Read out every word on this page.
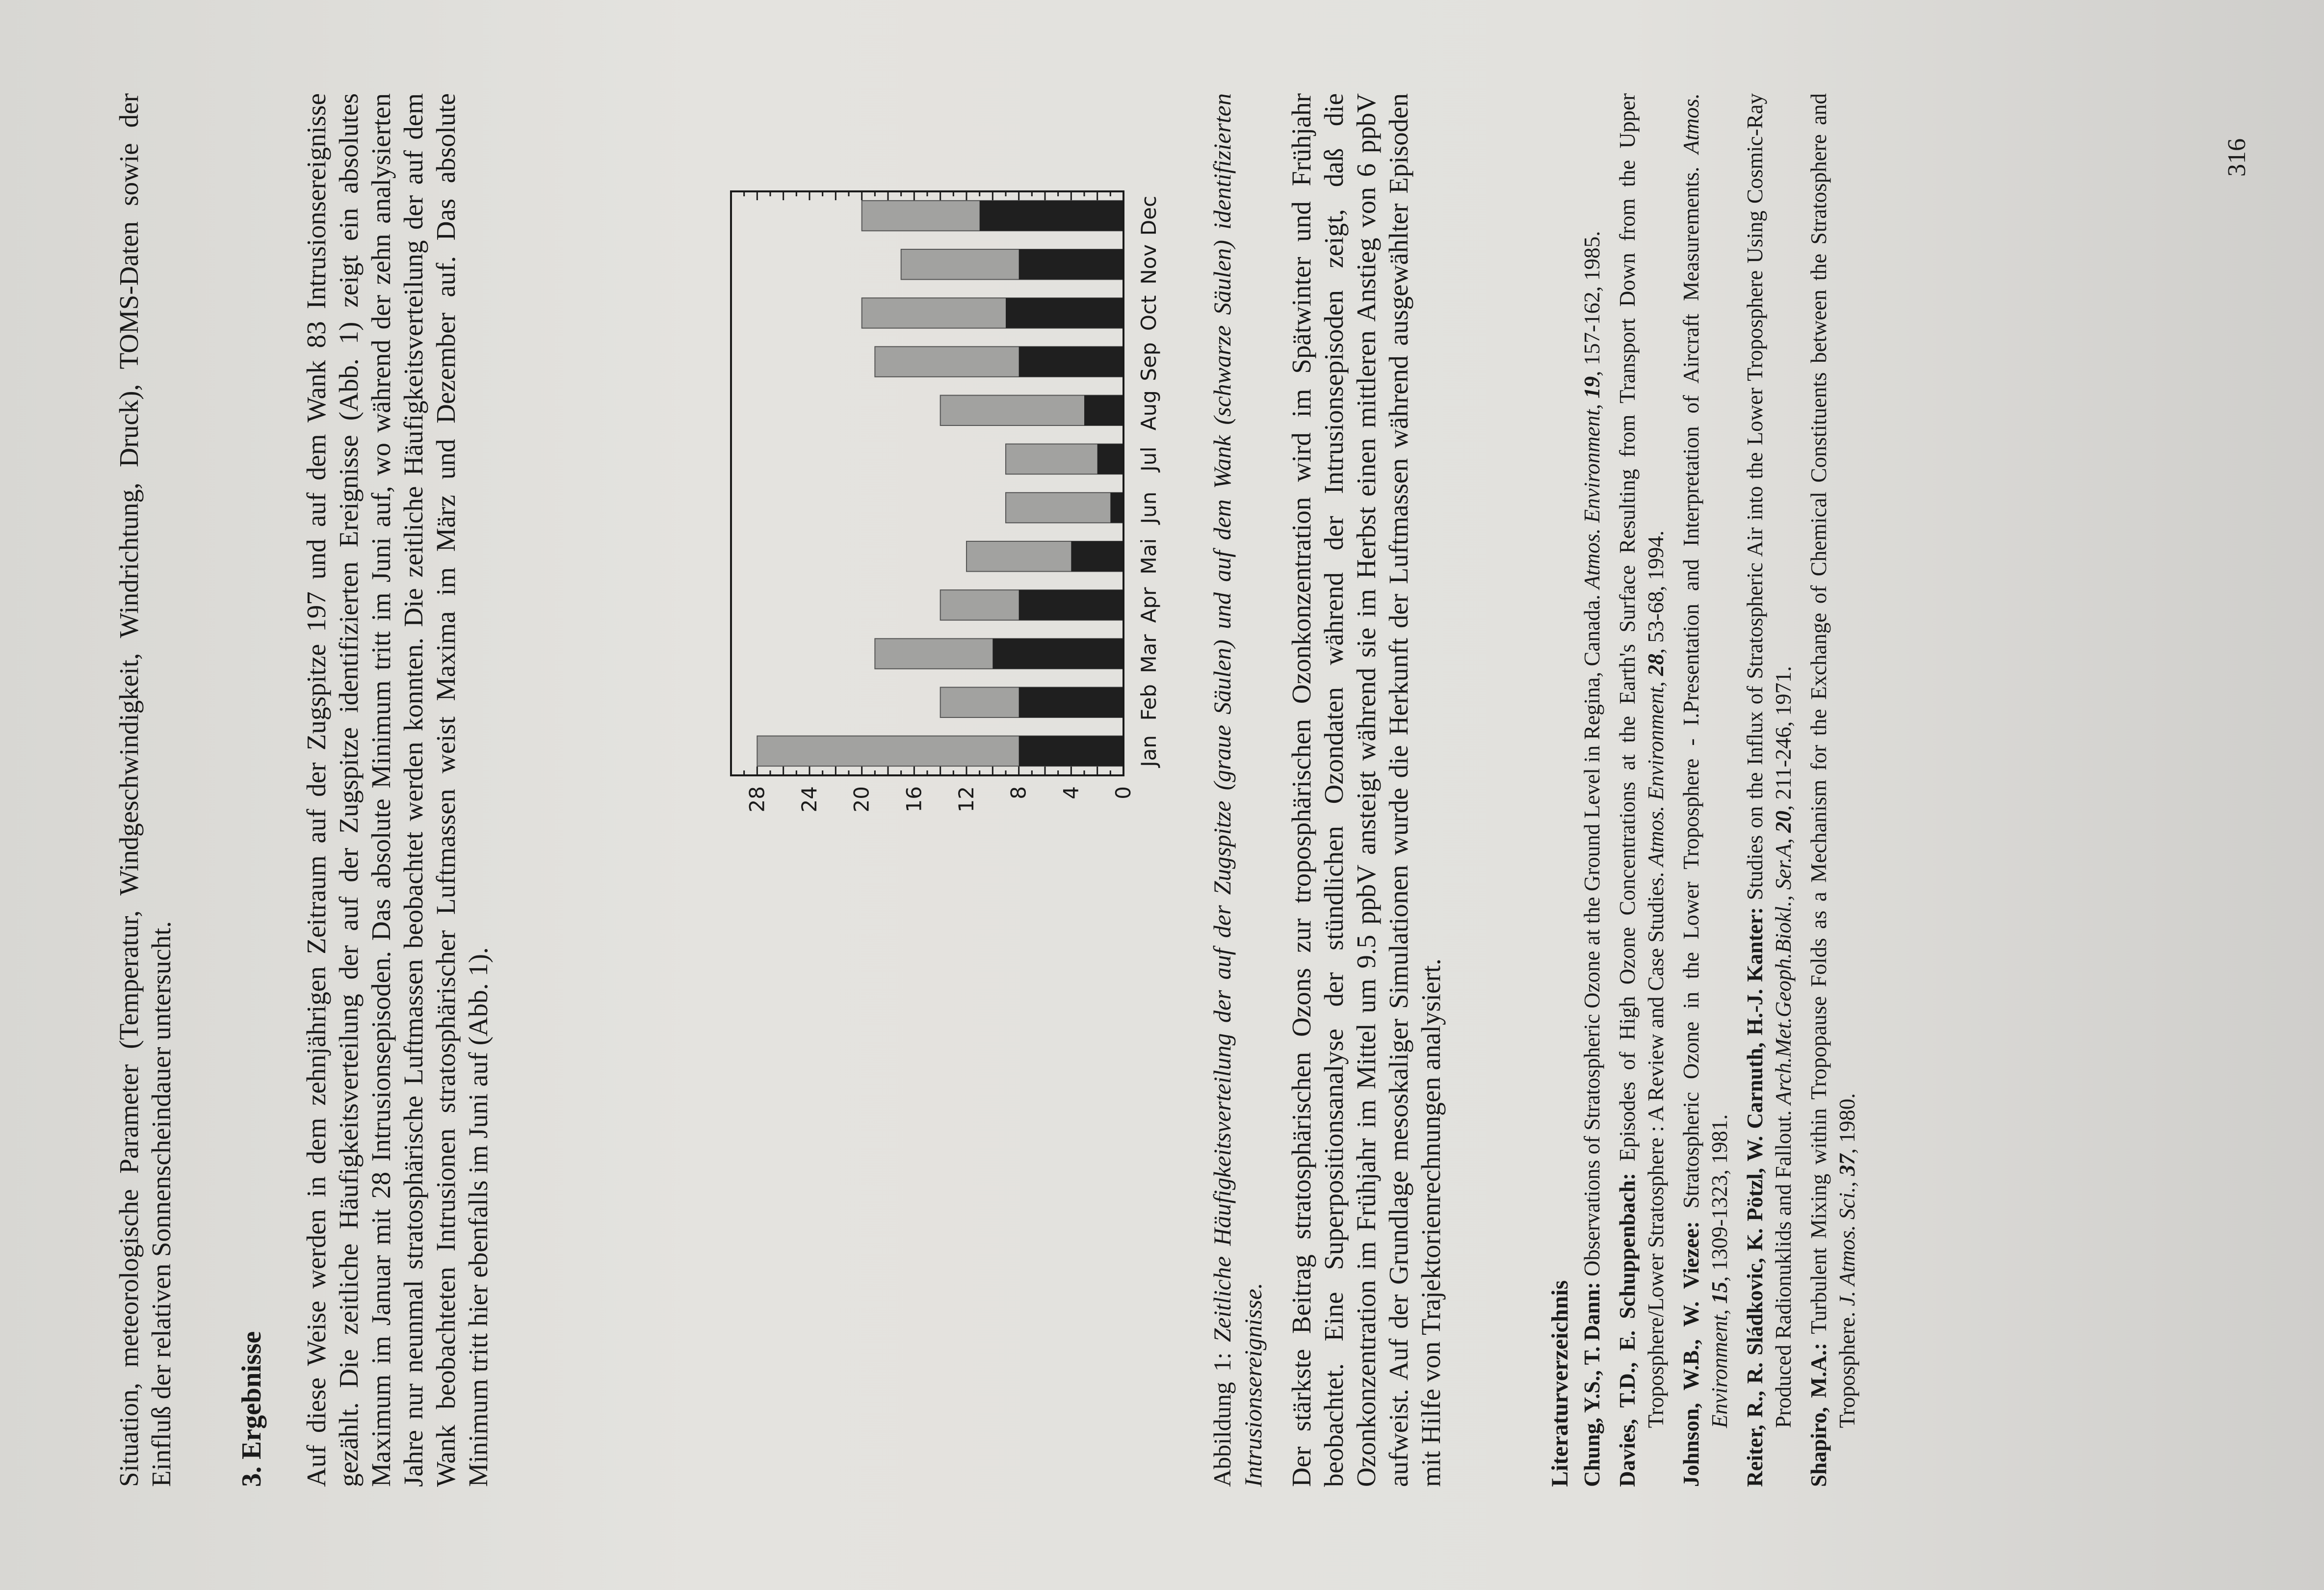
Situation, meteorologische Parameter (Temperatur, Windgeschwindigkeit, Windrichtung, Druck), TOMS-Daten sowie der Einfluß der relativen Sonnenscheindauer untersucht. 3. Ergebnisse Auf diese Weise werden in dem zehnjährigen Zeitraum auf der Zugspitze 197 und auf dem Wank 83 Intrusionsereignisse gezählt. Die zeitliche Häufigkeitsverteilung der auf der Zugspitze identifizierten Ereignisse (Abb. 1) zeigt ein absolutes Maximum im Januar mit 28 Intrusionsepisoden. Das absolute Minimum tritt im Juni auf, wo während der zehn analysierten Jahre nur neunmal stratosphärische Luftmassen beobachtet werden konnten. Die zeitliche Häufigkeitsverteilung der auf dem Wank beobachteten Intrusionen stratosphärischer Luftmassen weist Maxima im März und Dezember auf. Das absolute Minimum tritt hier ebenfalls im Juni auf (Abb. 1).

0
4
8
12
16
20
24
28
Jan
Feb
Mar
Apr
Mai
Jun
Jul
Aug
Sep
Oct
Nov
Dec

Abbildung 1: Zeitliche Häufigkeitsverteilung der auf der Zugspitze (graue Säulen) und auf dem Wank (schwarze Säulen) identifizierten Intrusionsereignisse. Der stärkste Beitrag stratosphärischen Ozons zur troposphärischen Ozonkonzentration wird im Spätwinter und Frühjahr beobachtet. Eine Superpositionsanalyse der stündlichen Ozondaten während der Intrusionsepisoden zeigt, daß die Ozonkonzentration im Frühjahr im Mittel um 9.5 ppbV ansteigt während sie im Herbst einen mittleren Anstieg von 6 ppbV aufweist. Auf der Grundlage mesoskaliger Simulationen wurde die Herkunft der Luftmassen während ausgewählter Episoden mit Hilfe von Trajektorienrechnungen analysiert.	Literaturverzeichnis Chung, Y.S., T. Dann: Observations of Stratospheric Ozone at the Ground Level in Regina, Canada. Atmos. Environment, 19, 157-162, 1985.

Davies, T.D., E. Schuppenbach: Episodes of High Ozone Concentrations at the Earth's Surface Resulting from Transport Down from the Upper Troposphere/Lower Stratosphere : A Review and Case Studies. Atmos. Environment, 28, 53-68, 1994.

Johnson, W.B., W. Viezee: Stratospheric Ozone in the Lower Troposphere - I.Presentation and Interpretation of Aircraft Measurements. Atmos. Environment, 15, 1309-1323, 1981. Reiter, R., R. Sládkovic, K. Pötzl, W. Carnuth, H.-J. Kanter: Studies on the Influx of Stratospheric Air into the Lower Troposphere Using Cosmic-Ray Produced Radionuklids and Fallout. Arch.Met.Geoph.Biokl., Ser.A, 20, 211-246, 1971.

Shapiro, M.A.: Turbulent Mixing within Tropopause Folds as a Mechanism for the Exchange of Chemical Constituents between the Stratosphere and Troposphere. J. Atmos. Sci., 37, 1980.

316
